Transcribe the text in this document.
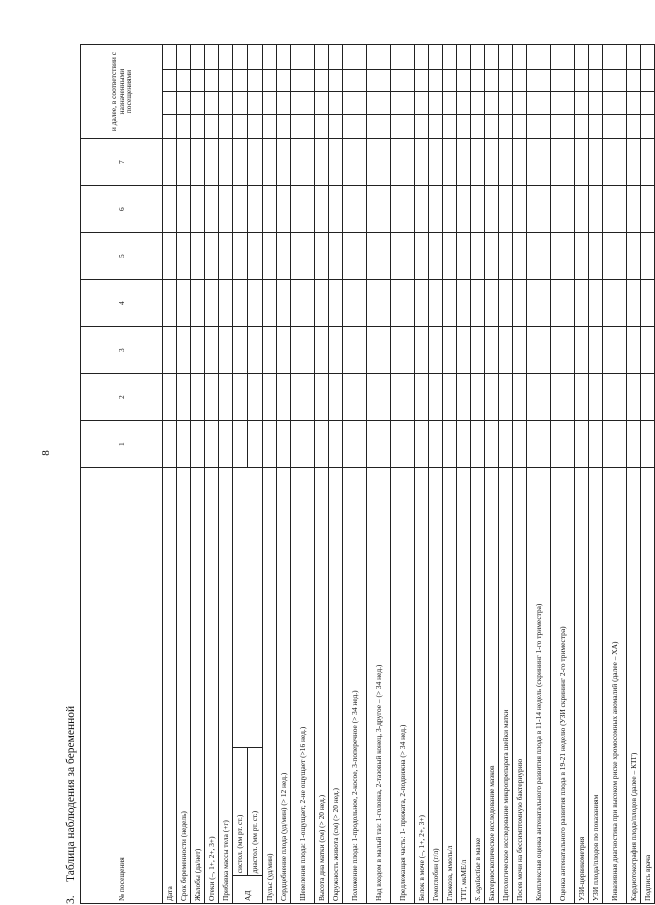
8
3.Таблица наблюдения за беременной	№ посещения			1	2	3	4	5	6	7	и далее, в соответствии с назначенными посещениями
Дата										

Срок беременности (недель)										

Жалобы (да/нет)										

Отеки (–, 1+, 2+, 3+)										

Прибавка массы тела (+г)										

АД	систол. (мм рт. ст.)									

	диастол. (мм рт. ст.)									

Пульс (уд/мин)										

Сердцебиение плода (уд/мин) (> 12 нед.)										

Шевеления плода: 1-ощущает, 2-не ощущает (>16 нед.)										

Высота дна матки (см) (> 20 нед.)										

Окружность живота (см) (> 20 нед.)										

Положение плода: 1-продольное, 2-косое, 3-поперечное (> 34 нед.)										

Над входом в малый таз: 1-головка, 2-тазовый конец, 3-другое – (> 34 нед.)										

Предлежащая часть: 1- прижата, 2-подвижна (> 34 нед.)										

Белок в моче (–, 1+, 2+, 3+)										

Гемоглобин (г/л)										

Глюкоза, ммоль/л										

ТТГ, мкМЕ/л										

S. agalactiae в мазке										

Бактериоскопическое исследование мазков										

Цитологическое исследование микропрепарата шейки матки										

Посев мочи на бессимптомную бактериурию										

Комплексная оценка антенатального развития плода в 11-14 недель (скрининг 1-го триместра)										

Оценка антенатального развития плода в 19-21 неделю (УЗИ скрининг 2-го триместра)										

УЗИ-цервикометрия										

УЗИ плода/плодов по показаниям										

Инвазивная диагностика при высоком риске хромосомных аномалий (далее – ХА)										

Кардиотокография плода/плодов (далее – КТГ)										

Подпись врача										
